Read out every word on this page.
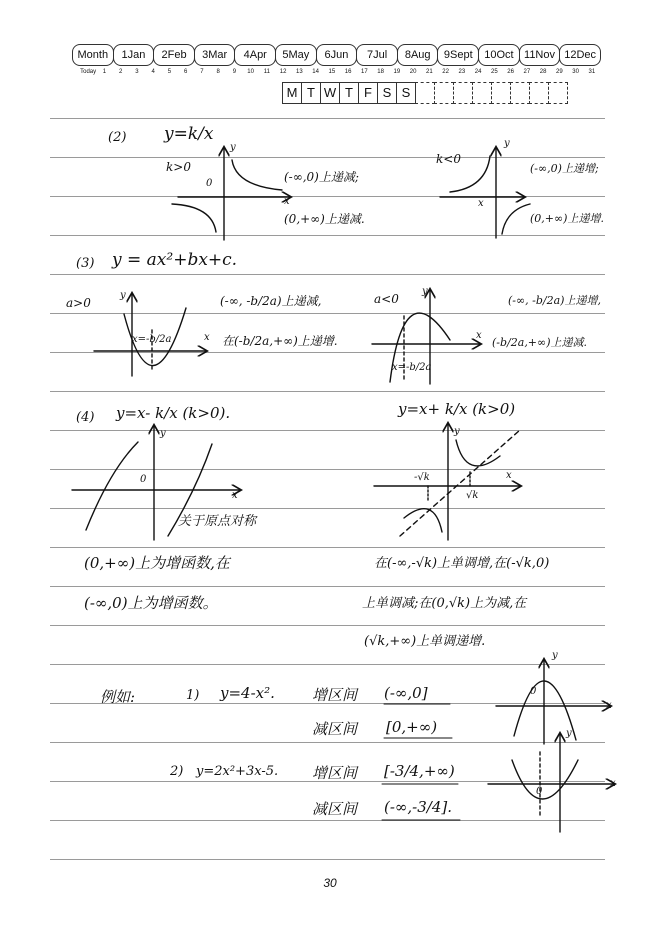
Month	1Jan	2Feb	3Mar	4Apr	5May	6Jun	7Jul	8Aug	9Sept	10Oct 11Nov 12Dec
Today	1	2	3	4	5	6	7	8	9	10	11	12	13	14	15	16	17	18	19	20	21	22	23	24	25	26	27	28	29	30	31
M T W T F S S
(2) y=k/x
k>0
0
y
x
(-∞,0)上递减;
(0,+∞)上递减.
k<0
y
x
(-∞,0)上递增;
(0,+∞)上递增.
(3) y = ax²+bx+c.
a>0
y
x
x=-b/2a
(-∞, -b/2a)上递减,
在(-b/2a,+∞)上递增.
a<0
y
x
x=-b/2a
(-∞, -b/2a)上递增,
(-b/2a,+∞)上递减.
(4) y=x- k/x (k>0).	y=x+ k/x (k>0)
0
y
x
关于原点对称
y
x
-√k
√k
(0,+∞)上为增函数,在
(-∞,0)上为增函数。
在(-∞,-√k)上单调增,在(-√k,0)
上单调减;在(0,√k)上为减,在
(√k,+∞)上单调递增.
例如:	1) y=4-x². 增区间 (-∞,0]
减区间 [0,+∞)
2) y=2x²+3x-5. 增区间 [-3/4,+∞)
减区间 (-∞,-3/4].
0
y
x
0
y
x
30
